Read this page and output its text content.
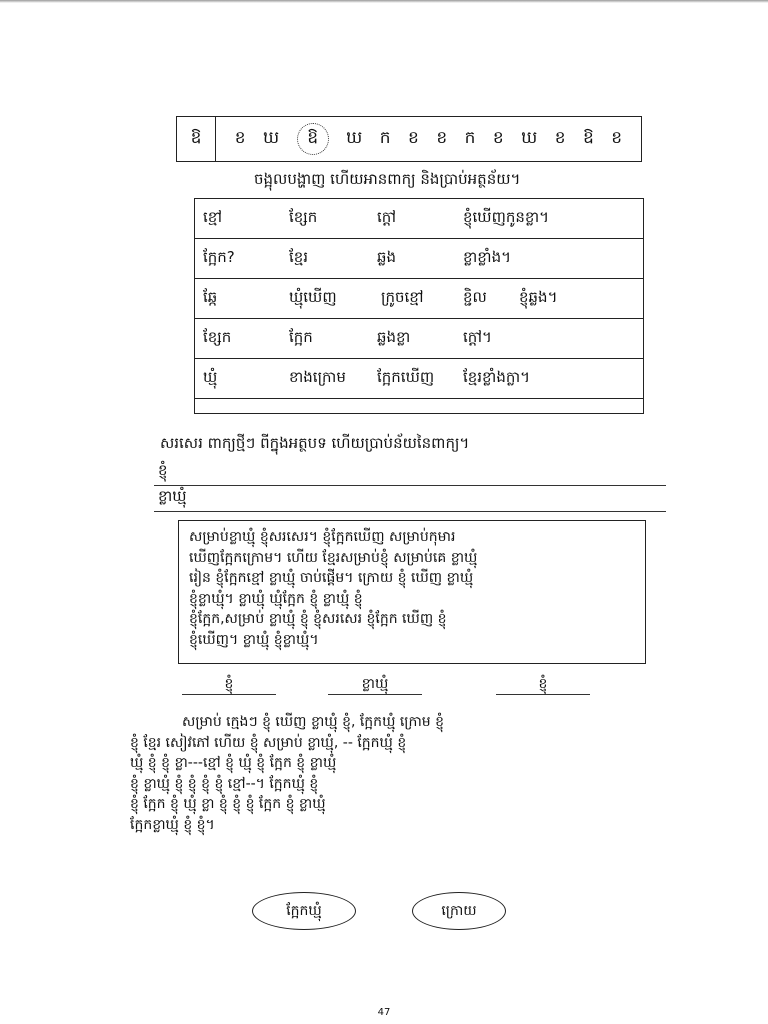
ឱ	ខ ឃ	ឱ	ឃ ក ខ ខ ក ខ ឃ ខ ឱ ខ
ចង្អុលបង្ហាញ ហើយអានពាក្យ និងប្រាប់អត្ថន័យ។
ខ្មៅ	ខ្សែក	ក្តៅ	ខ្ញុំឃើញកូនខ្លា។
ក្អែក?	ខ្មែរ	ឆ្លង	ខ្លាខ្លាំង។
ឆ្កែ	ឃ្មុំឃើញ	ក្រូចខ្មៅ	ខ្ជិល	ខ្ញុំឆ្លង។
ខ្សែក	ក្អែក	ឆ្លងខ្លា	ក្តៅ។
ឃ្មុំ	ខាងក្រោម	ក្អែកឃើញ	ខ្មែរខ្លាំងក្លា។
សរសេរ ពាក្យថ្មីៗ ពីក្នុងអត្ថបទ ហើយប្រាប់ន័យនៃពាក្យ។
ខ្ញុំ
ខ្លាឃ្មុំ
សម្រាប់ខ្លាឃ្មុំ ខ្ញុំសរសេរ។ ខ្ញុំក្អែកឃើញ សម្រាប់កុមារ
ឃើញក្អែកក្រោម។ ហើយ ខ្មែរសម្រាប់ខ្ញុំ សម្រាប់គេ ខ្លាឃ្មុំ
រៀន ខ្ញុំក្អែកខ្មៅ ខ្លាឃ្មុំ ចាប់ផ្តើម។ ក្រោយ ខ្ញុំ ឃើញ ខ្លាឃ្មុំ
ខ្ញុំខ្លាឃ្មុំ។ ខ្លាឃ្មុំ ឃ្មុំក្អែក ខ្ញុំ ខ្លាឃ្មុំ ខ្ញុំ
ខ្ញុំក្អែក,សម្រាប់ ខ្លាឃ្មុំ ខ្ញុំ ខ្ញុំសរសេរ ខ្ញុំក្អែក ឃើញ ខ្ញុំ
ខ្ញុំឃើញ។ ខ្លាឃ្មុំ ខ្ញុំខ្លាឃ្មុំ។
ខ្ញុំ	ខ្លាឃ្មុំ	ខ្ញុំ
សម្រាប់ ក្មេងៗ ខ្ញុំ ឃើញ ខ្លាឃ្មុំ ខ្ញុំ, ក្អែកឃ្មុំ ក្រោម ខ្ញុំ
ខ្ញុំ ខ្មែរ សៀវភៅ ហើយ ខ្ញុំ សម្រាប់ ខ្លាឃ្មុំ, -- ក្អែកឃ្មុំ ខ្ញុំ
ឃ្មុំ ខ្ញុំ ខ្ញុំ ខ្លា---ខ្មៅ ខ្ញុំ ឃ្មុំ ខ្ញុំ ក្អែក ខ្ញុំ ខ្លាឃ្មុំ
ខ្ញុំ ខ្លាឃ្មុំ ខ្ញុំ ខ្ញុំ ខ្ញុំ ខ្ញុំ ខ្មៅ--។ ក្អែកឃ្មុំ ខ្ញុំ
ខ្ញុំ ក្អែក ខ្ញុំ ឃ្មុំ ខ្លា ខ្ញុំ ខ្ញុំ ខ្ញុំ ក្អែក ខ្ញុំ ខ្លាឃ្មុំ
ក្អែកខ្លាឃ្មុំ ខ្ញុំ ខ្ញុំ។
ក្អែកឃ្មុំ	ក្រោយ
47
